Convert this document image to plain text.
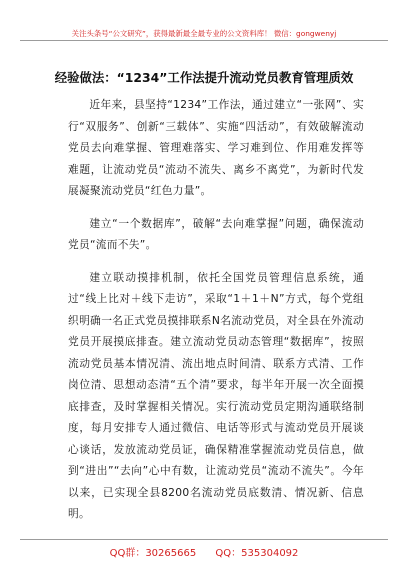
关注头条号“公文研究”，获得最新最全最专业的公文资料库！ 微信：gongwenyj
经验做法：“1234”工作法提升流动党员教育管理质效

近年来，县坚持“1234”工作法，通过建立“一张网”、实行“双服务”、创新“三载体”、实施“四活动”，有效破解流动党员去向难掌握、管理难落实、学习难到位、作用难发挥等难题，让流动党员“流动不流失、离乡不离党”，为新时代发展凝聚流动党员“红色力量”。

建立“一个数据库”，破解“去向难掌握”问题，确保流动党员“流而不失”。

建立联动摸排机制，依托全国党员管理信息系统，通过“线上比对＋线下走访”，采取“1＋1＋N”方式，每个党组织明确一名正式党员摸排联系N名流动党员，对全县在外流动党员开展摸底排查。建立流动党员动态管理“数据库”，按照流动党员基本情况清、流出地点时间清、联系方式清、工作岗位清、思想动态清“五个清”要求，每半年开展一次全面摸底排查，及时掌握相关情况。实行流动党员定期沟通联络制度，每月安排专人通过微信、电话等形式与流动党员开展谈心谈话，发放流动党员证，确保精准掌握流动党员信息，做到“进出”“去向”心中有数，让流动党员“流动不流失”。今年以来，已实现全县8200名流动党员底数清、情况新、信息明。

QQ群：30265665 QQ：535304092
